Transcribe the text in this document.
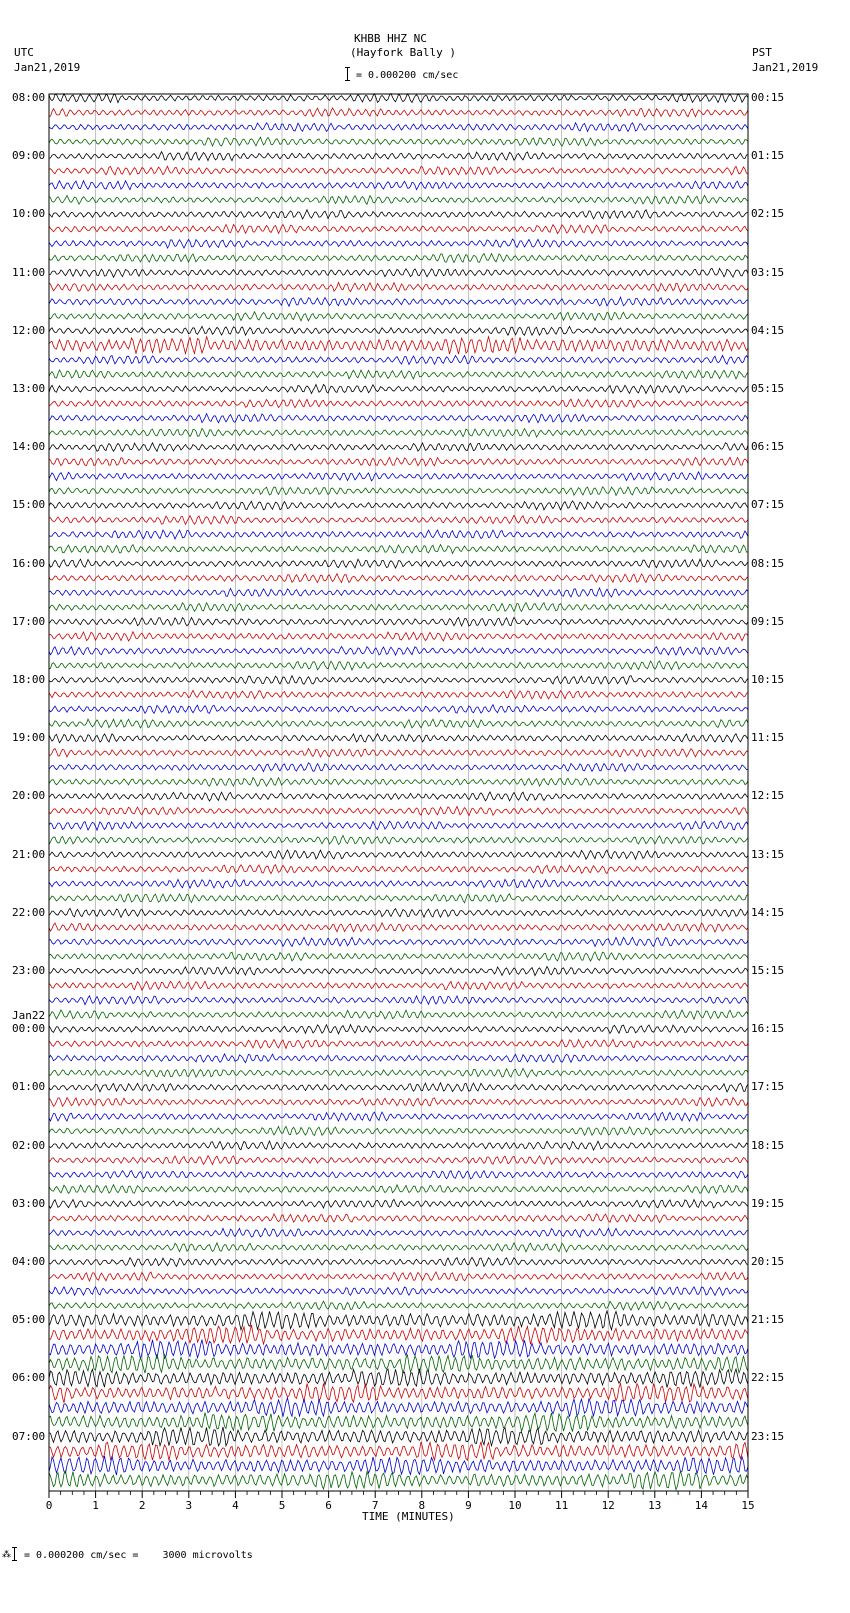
KHBB HHZ NC
(Hayfork Bally )
= 0.000200 cm/sec
UTC
Jan21,2019
PST
Jan21,2019
0	1	2	3	4	5	6	7	8	9	10	11	12	13	14	15
TIME (MINUTES)
⁂ = 0.000200 cm/sec =    3000 microvolts
08:00
09:00
10:00
11:00
12:00
13:00
14:00
15:00
16:00
17:00
18:00
19:00
20:00
21:00
22:00
23:00
00:00
Jan22
01:00
02:00
03:00
04:00
05:00
06:00
07:00
00:15
01:15
02:15
03:15
04:15
05:15
06:15
07:15
08:15
09:15
10:15
11:15
12:15
13:15
14:15
15:15
16:15
17:15
18:15
19:15
20:15
21:15
22:15
23:15
